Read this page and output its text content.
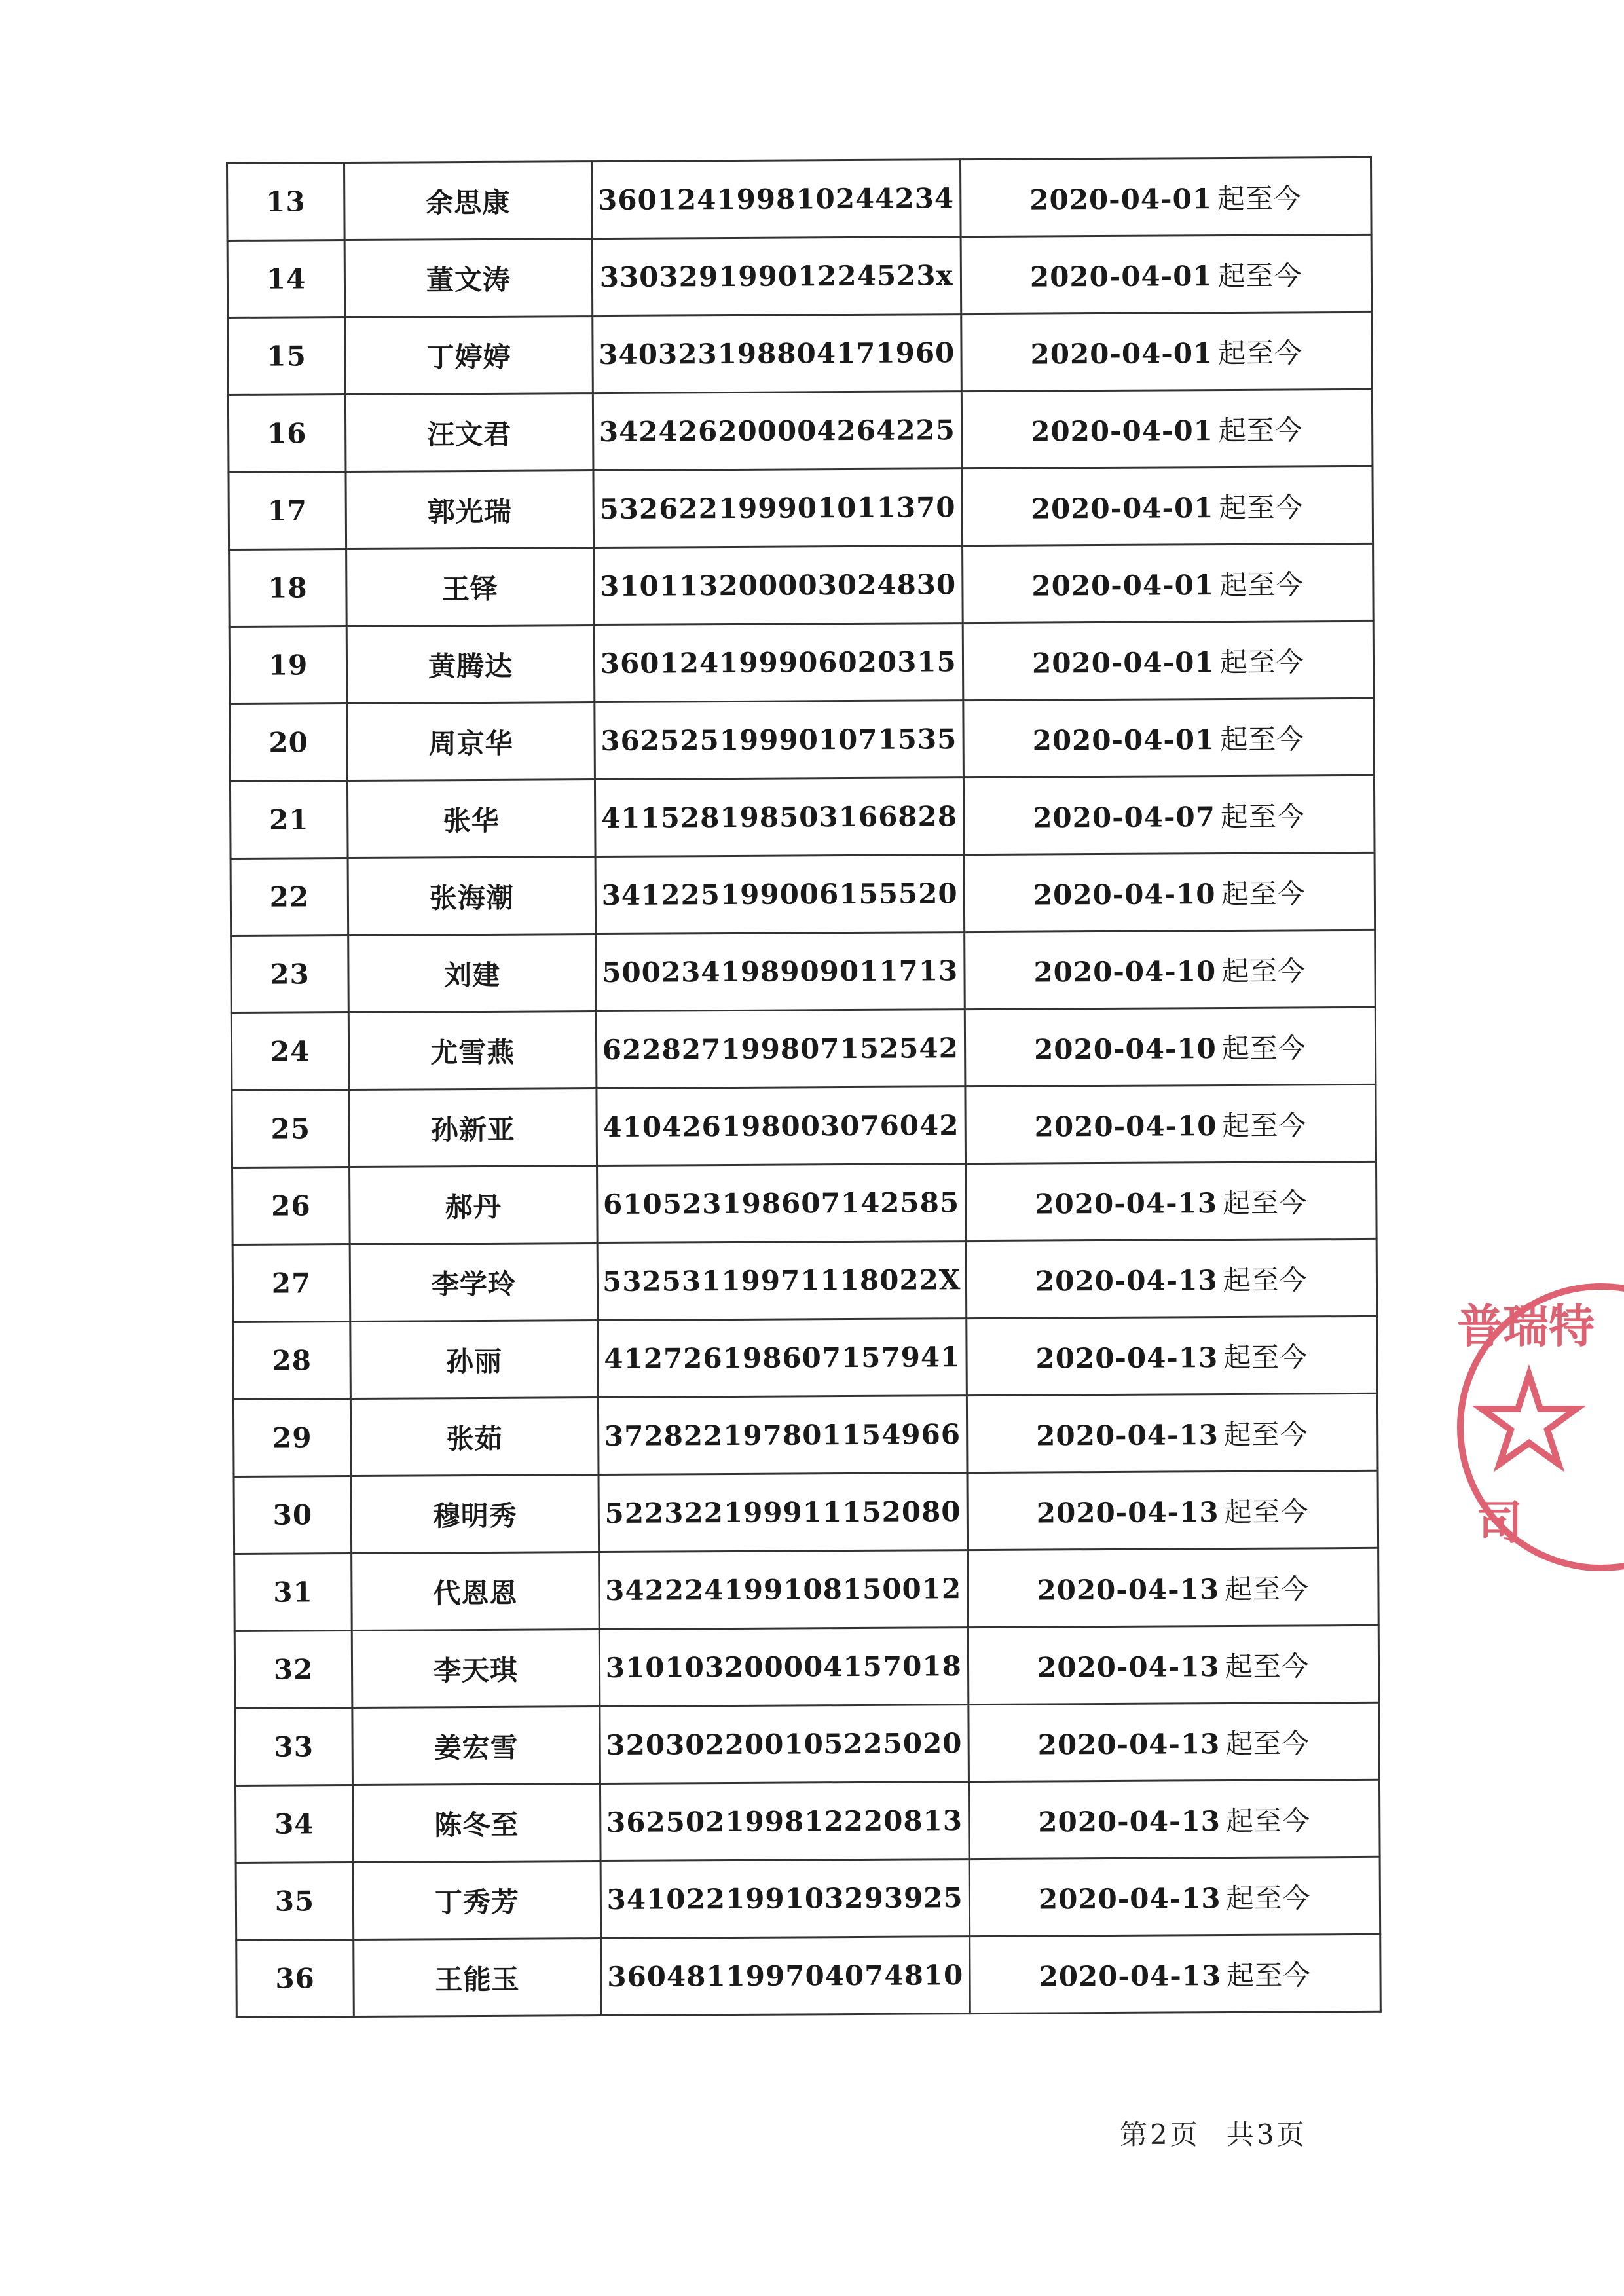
13	余思康	360124199810244234	2020-04-01 起至今
14	董文涛	33032919901224523x	2020-04-01 起至今
15	丁婷婷	340323198804171960	2020-04-01 起至今
16	汪文君	342426200004264225	2020-04-01 起至今
17	郭光瑞	532622199901011370	2020-04-01 起至今
18	王铎	310113200003024830	2020-04-01 起至今
19	黄腾达	360124199906020315	2020-04-01 起至今
20	周京华	362525199901071535	2020-04-01 起至今
21	张华	411528198503166828	2020-04-07 起至今
22	张海潮	341225199006155520	2020-04-10 起至今
23	刘建	500234198909011713	2020-04-10 起至今
24	尤雪燕	622827199807152542	2020-04-10 起至今
25	孙新亚	410426198003076042	2020-04-10 起至今
26	郝丹	610523198607142585	2020-04-13 起至今
27	李学玲	53253119971118022X	2020-04-13 起至今
28	孙丽	412726198607157941	2020-04-13 起至今
29	张茹	372822197801154966	2020-04-13 起至今
30	穆明秀	522322199911152080	2020-04-13 起至今
31	代恩恩	342224199108150012	2020-04-13 起至今
32	李天琪	310103200004157018	2020-04-13 起至今
33	姜宏雪	320302200105225020	2020-04-13 起至今
34	陈冬至	362502199812220813	2020-04-13 起至今
35	丁秀芳	341022199103293925	2020-04-13 起至今
36	王能玉	360481199704074810	2020-04-13 起至今
第2页 共3页
普瑞特
司
